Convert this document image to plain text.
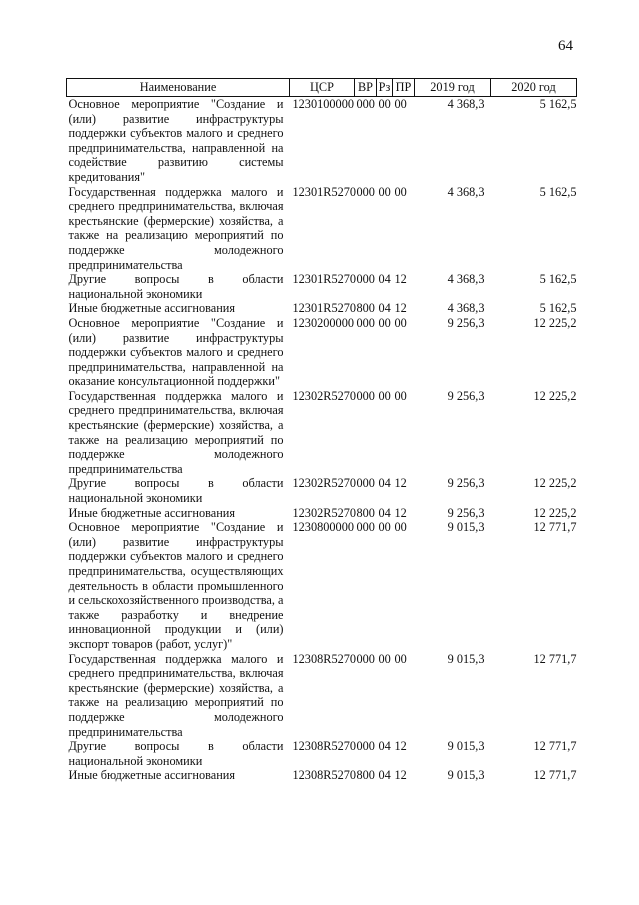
64
Наименование	ЦСР	ВР	Рз	ПР	2019 год	2020 год
Основное мероприятие "Создание и (или) развитие инфраструктуры поддержки субъектов малого и среднего предпринимательства, направленной на содействие развитию системы кредитования"	1230100000	000	00	00	4 368,3	5 162,5
Государственная поддержка малого и среднего предпринимательства, включая крестьянские (фермерские) хозяйства, а также на реализацию мероприятий по поддержке молодежного предпринимательства	12301R5270	000	00	00	4 368,3	5 162,5
Другие вопросы в области национальной экономики	12301R5270	000	04	12	4 368,3	5 162,5
Иные бюджетные ассигнования	12301R5270	800	04	12	4 368,3	5 162,5
Основное мероприятие "Создание и (или) развитие инфраструктуры поддержки субъектов малого и среднего предпринимательства, направленной на оказание консультационной поддержки"	1230200000	000	00	00	9 256,3	12 225,2
Государственная поддержка малого и среднего предпринимательства, включая крестьянские (фермерские) хозяйства, а также на реализацию мероприятий по поддержке молодежного предпринимательства	12302R5270	000	00	00	9 256,3	12 225,2
Другие вопросы в области национальной экономики	12302R5270	000	04	12	9 256,3	12 225,2
Иные бюджетные ассигнования	12302R5270	800	04	12	9 256,3	12 225,2
Основное мероприятие "Создание и (или) развитие инфраструктуры поддержки субъектов малого и среднего предпринимательства, осуществляющих деятельность в области промышленного и сельскохозяйственного производства, а также разработку и внедрение инновационной продукции и (или) экспорт товаров (работ, услуг)"	1230800000	000	00	00	9 015,3	12 771,7
Государственная поддержка малого и среднего предпринимательства, включая крестьянские (фермерские) хозяйства, а также на реализацию мероприятий по поддержке молодежного предпринимательства	12308R5270	000	00	00	9 015,3	12 771,7
Другие вопросы в области национальной экономики	12308R5270	000	04	12	9 015,3	12 771,7
Иные бюджетные ассигнования	12308R5270	800	04	12	9 015,3	12 771,7
